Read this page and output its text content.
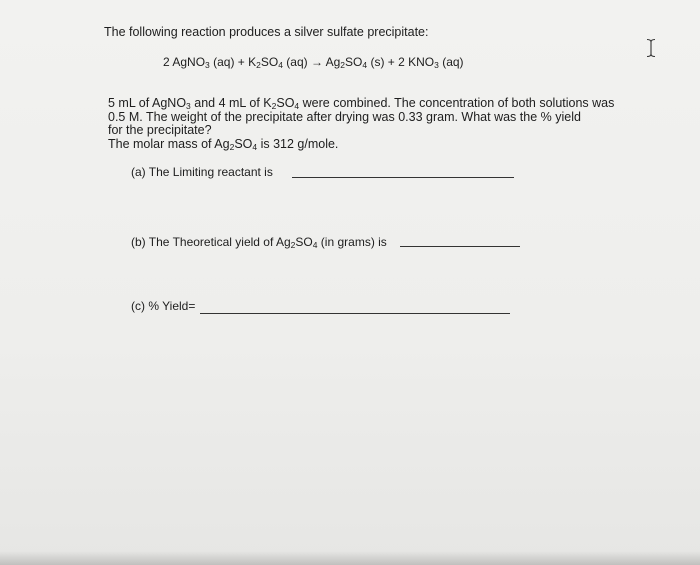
The following reaction produces a silver sulfate precipitate:
2 AgNO$_3$ $(aq) + K_2SO_4$ $(aq) \to Ag_2SO_4$ (s) + 2 $KNO_3$ (aq)
5 mL of AgNO$_3$ and 4 mL of $K_2SO_4$ were combined. The concentration of both solutions was
0.5 M. The weight of the precipitate after drying was 0.33 gram. What was the % yield
for the precipitate?
The molar mass of $Ag_2SO_4$ is 312 g/mole.
(a) The Limiting reactant is
(b) The Theoretical yield of $Ag_2SO_4$ (in grams) is
(c) % Yield=
